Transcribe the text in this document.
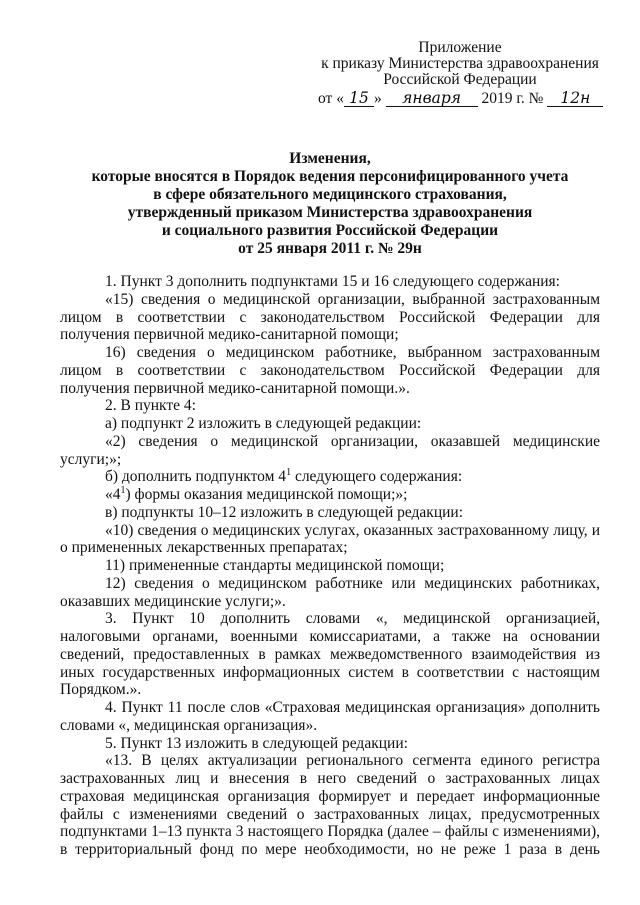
Приложение
к приказу Министерства здравоохранения
Российской Федерации
от « 15 » января 2019 г. № 12н
Изменения,
которые вносятся в Порядок ведения персонифицированного учета
в сфере обязательного медицинского страхования,
утвержденный приказом Министерства здравоохранения
и социального развития Российской Федерации
от 25 января 2011 г. № 29н

1. Пункт 3 дополнить подпунктами 15 и 16 следующего содержания:

«15) сведения о медицинской организации, выбранной застрахованным лицом в соответствии с законодательством Российской Федерации для получения первичной медико-санитарной помощи;

16) сведения о медицинском работнике, выбранном застрахованным лицом в соответствии с законодательством Российской Федерации для получения первичной медико-санитарной помощи.».

2. В пункте 4:

а) подпункт 2 изложить в следующей редакции:

«2) сведения о медицинской организации, оказавшей медицинские услуги;»;

б) дополнить подпунктом $4^1$ следующего содержания:

«$4^1$) формы оказания медицинской помощи;»;

в) подпункты 10–12 изложить в следующей редакции:

«10) сведения о медицинских услугах, оказанных застрахованному лицу, и о примененных лекарственных препаратах;

11) примененные стандарты медицинской помощи;

12) сведения о медицинском работнике или медицинских работниках, оказавших медицинские услуги;».

3. Пункт 10 дополнить словами «, медицинской организацией, налоговыми органами, военными комиссариатами, а также на основании сведений, предоставленных в рамках межведомственного взаимодействия из иных государственных информационных систем в соответствии с настоящим Порядком.».

4. Пункт 11 после слов «Страховая медицинская организация» дополнить словами «, медицинская организация».

5. Пункт 13 изложить в следующей редакции:

«13. В целях актуализации регионального сегмента единого регистра застрахованных лиц и внесения в него сведений о застрахованных лицах страховая медицинская организация формирует и передает информационные файлы с изменениями сведений о застрахованных лицах, предусмотренных подпунктами 1–13 пункта 3 настоящего Порядка (далее – файлы с изменениями), в территориальный фонд по мере необходимости, но не реже 1 раза в день
